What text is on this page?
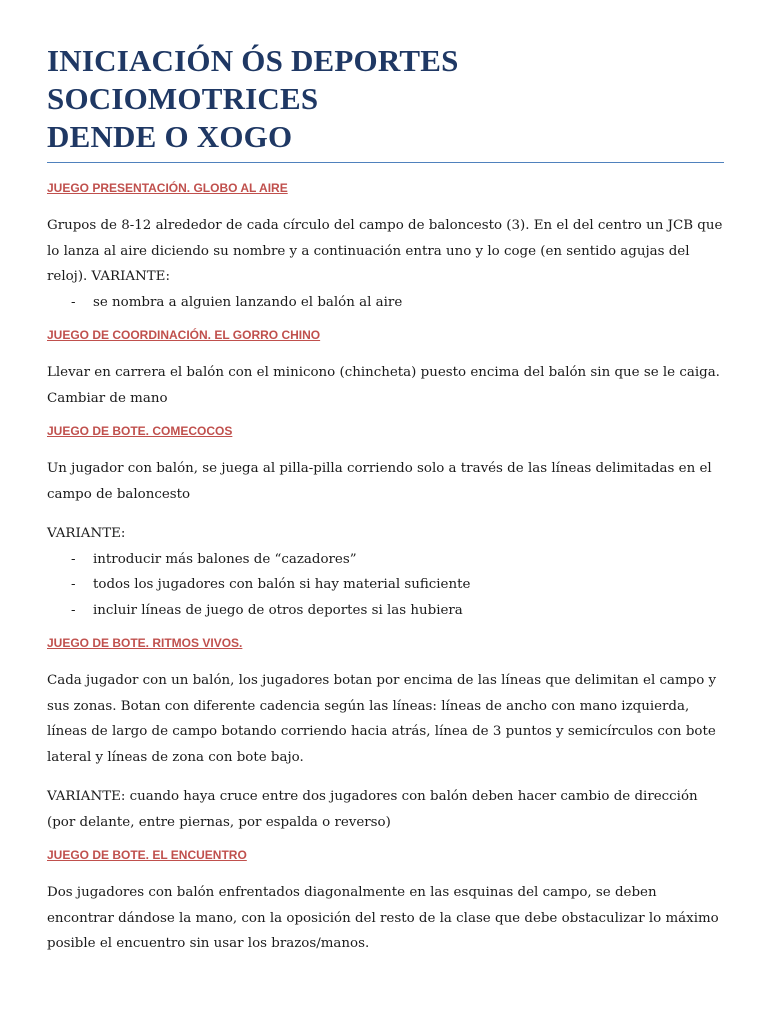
INICIACIÓN ÓS DEPORTES SOCIOMOTRICES
DENDE O XOGO

JUEGO PRESENTACIÓN. GLOBO AL AIRE

Grupos de 8-12 alrededor de cada círculo del campo de baloncesto (3). En el del centro un JCB que lo lanza al aire diciendo su nombre y a continuación entra uno y lo coge (en sentido agujas del reloj). VARIANTE:

- se nombra a alguien lanzando el balón al aire

JUEGO DE COORDINACIÓN. EL GORRO CHINO

Llevar en carrera el balón con el minicono (chincheta) puesto encima del balón sin que se le caiga. Cambiar de mano

JUEGO DE BOTE. COMECOCOS

Un jugador con balón, se juega al pilla-pilla corriendo solo a través de las líneas delimitadas en el campo de baloncesto

VARIANTE:

- introducir más balones de “cazadores”
- todos los jugadores con balón si hay material suficiente
- incluir líneas de juego de otros deportes si las hubiera

JUEGO DE BOTE. RITMOS VIVOS.

Cada jugador con un balón, los jugadores botan por encima de las líneas que delimitan el campo y sus zonas. Botan con diferente cadencia según las líneas: líneas de ancho con mano izquierda, líneas de largo de campo botando corriendo hacia atrás, línea de 3 puntos y semicírculos con bote lateral y líneas de zona con bote bajo.

VARIANTE: cuando haya cruce entre dos jugadores con balón deben hacer cambio de dirección (por delante, entre piernas, por espalda o reverso)

JUEGO DE BOTE. EL ENCUENTRO

Dos jugadores con balón enfrentados diagonalmente en las esquinas del campo, se deben encontrar dándose la mano, con la oposición del resto de la clase que debe obstaculizar lo máximo posible el encuentro sin usar los brazos/manos.
